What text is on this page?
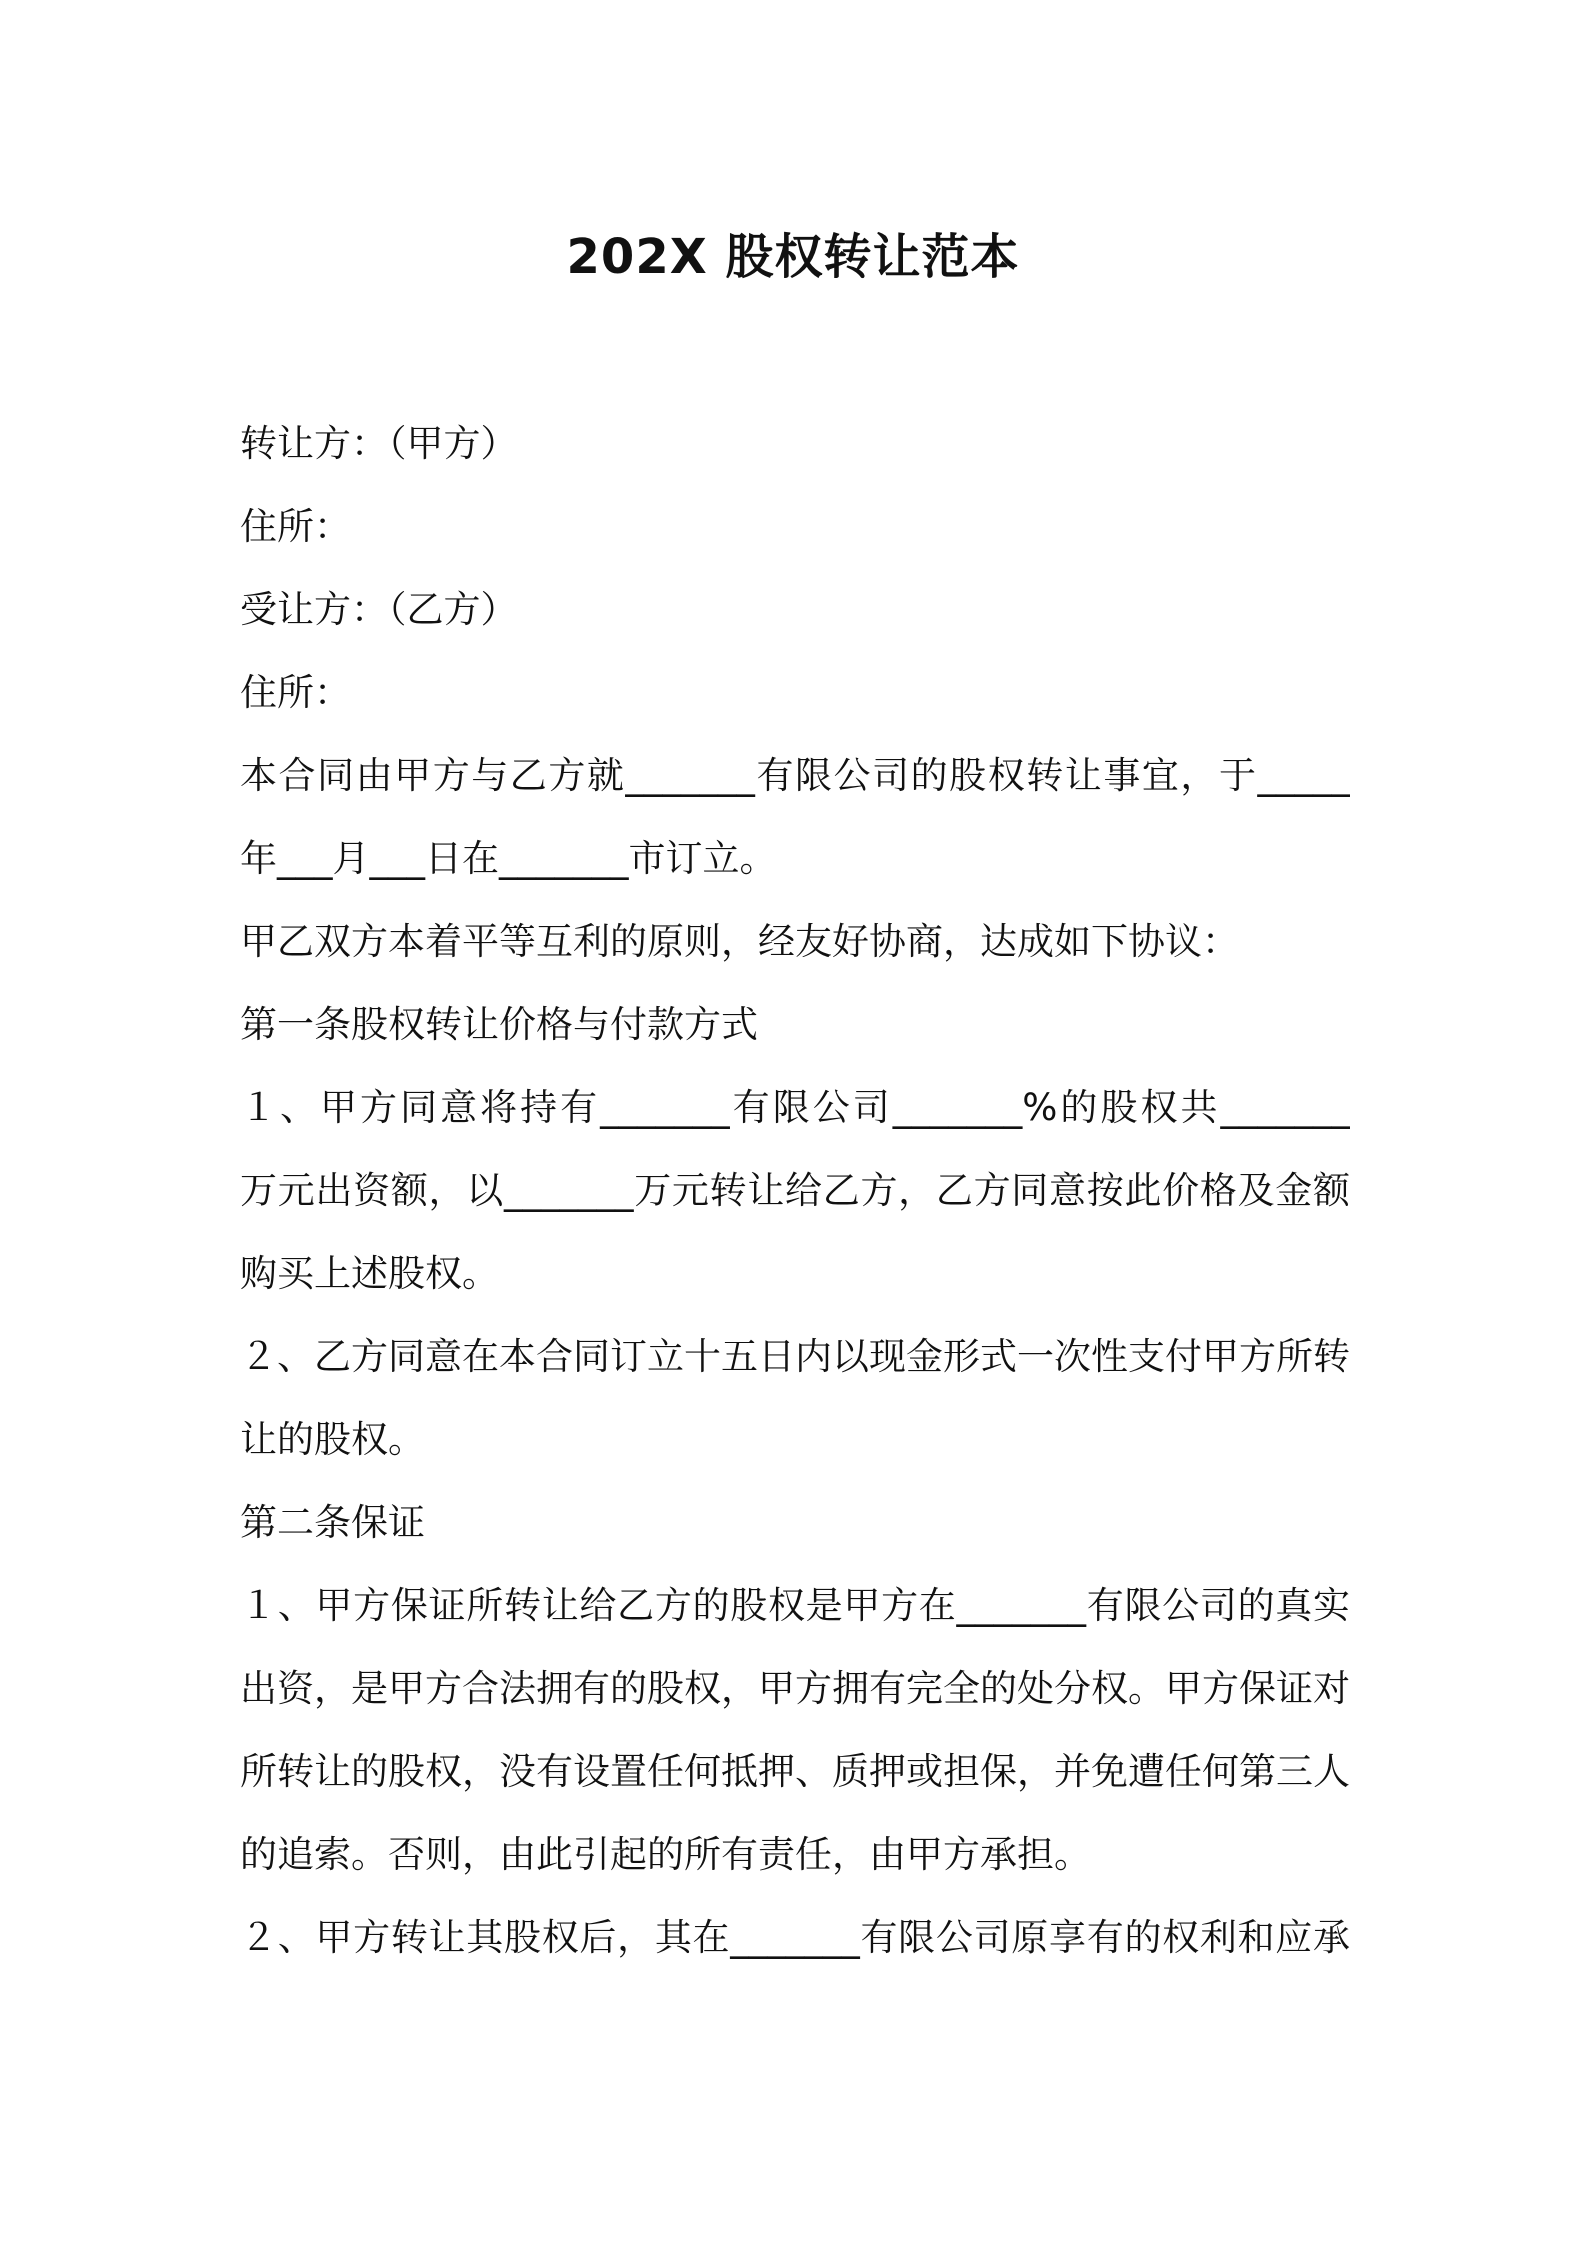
202X 股权转让范本
转让方：（甲方）
住所：
受让方：（乙方）
住所：
本合同由甲方与乙方就_______有限公司的股权转让事宜，于_____
年___月___日在_______市订立。
甲乙双方本着平等互利的原则，经友好协商，达成如下协议：
第一条股权转让价格与付款方式
１、甲方同意将持有_______有限公司_______%的股权共_______
万元出资额，以_______万元转让给乙方，乙方同意按此价格及金额
购买上述股权。
２、乙方同意在本合同订立十五日内以现金形式一次性支付甲方所转
让的股权。
第二条保证
１、甲方保证所转让给乙方的股权是甲方在_______有限公司的真实
出资，是甲方合法拥有的股权，甲方拥有完全的处分权。甲方保证对
所转让的股权，没有设置任何抵押、质押或担保，并免遭任何第三人
的追索。否则，由此引起的所有责任，由甲方承担。
２、甲方转让其股权后，其在_______有限公司原享有的权利和应承
